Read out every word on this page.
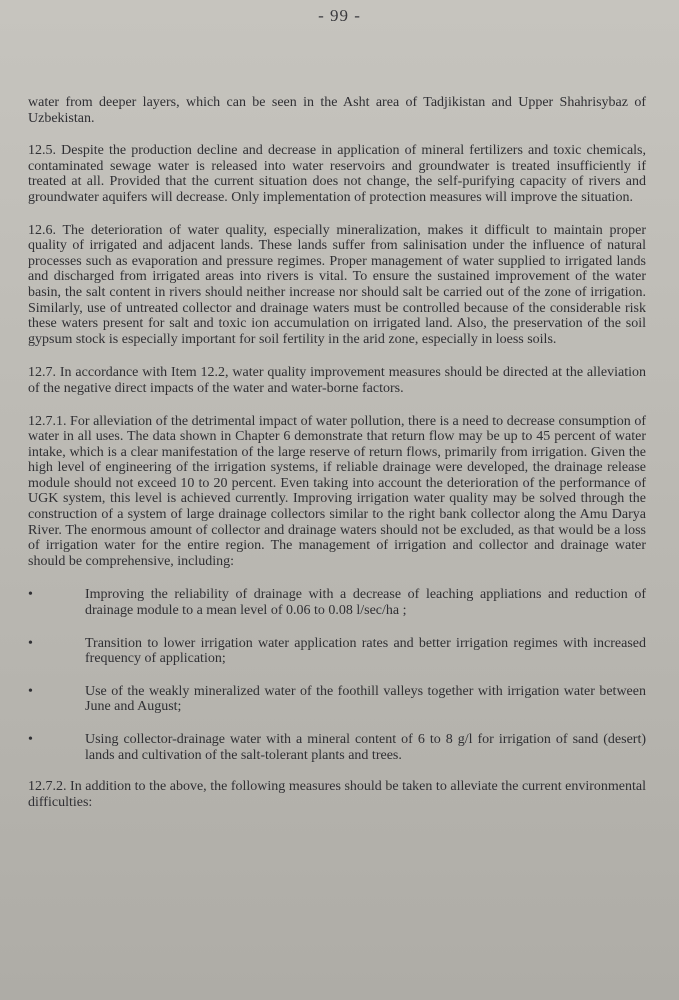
- 99 -

water from deeper layers, which can be seen in the Asht area of Tadjikistan and Upper Shahrisybaz of Uzbekistan.

12.5. Despite the production decline and decrease in application of mineral fertilizers and toxic chemicals, contaminated sewage water is released into water reservoirs and groundwater is treated insufficiently if treated at all. Provided that the current situation does not change, the self-purifying capacity of rivers and groundwater aquifers will decrease. Only implementation of protection measures will improve the situation.

12.6. The deterioration of water quality, especially mineralization, makes it difficult to maintain proper quality of irrigated and adjacent lands. These lands suffer from salinisation under the influence of natural processes such as evaporation and pressure regimes. Proper management of water supplied to irrigated lands and discharged from irrigated areas into rivers is vital. To ensure the sustained improvement of the water basin, the salt content in rivers should neither increase nor should salt be carried out of the zone of irrigation. Similarly, use of untreated collector and drainage waters must be controlled because of the considerable risk these waters present for salt and toxic ion accumulation on irrigated land. Also, the preservation of the soil gypsum stock is especially important for soil fertility in the arid zone, especially in loess soils.

12.7. In accordance with Item 12.2, water quality improvement measures should be directed at the alleviation of the negative direct impacts of the water and water-borne factors.

12.7.1. For alleviation of the detrimental impact of water pollution, there is a need to decrease consumption of water in all uses. The data shown in Chapter 6 demonstrate that return flow may be up to 45 percent of water intake, which is a clear manifestation of the large reserve of return flows, primarily from irrigation. Given the high level of engineering of the irrigation systems, if reliable drainage were developed, the drainage release module should not exceed 10 to 20 percent. Even taking into account the deterioration of the performance of UGK system, this level is achieved currently. Improving irrigation water quality may be solved through the construction of a system of large drainage collectors similar to the right bank collector along the Amu Darya River. The enormous amount of collector and drainage waters should not be excluded, as that would be a loss of irrigation water for the entire region. The management of irrigation and collector and drainage water should be comprehensive, including:

•	Improving the reliability of drainage with a decrease of leaching appliations and reduction of drainage module to a mean level of 0.06 to 0.08 l/sec/ha ;
•	Transition to lower irrigation water application rates and better irrigation regimes with increased frequency of application;
•	Use of the weakly mineralized water of the foothill valleys together with irrigation water between June and August;
•	Using collector-drainage water with a mineral content of 6 to 8 g/l for irrigation of sand (desert) lands and cultivation of the salt-tolerant plants and trees.

12.7.2. In addition to the above, the following measures should be taken to alleviate the current environmental difficulties:
